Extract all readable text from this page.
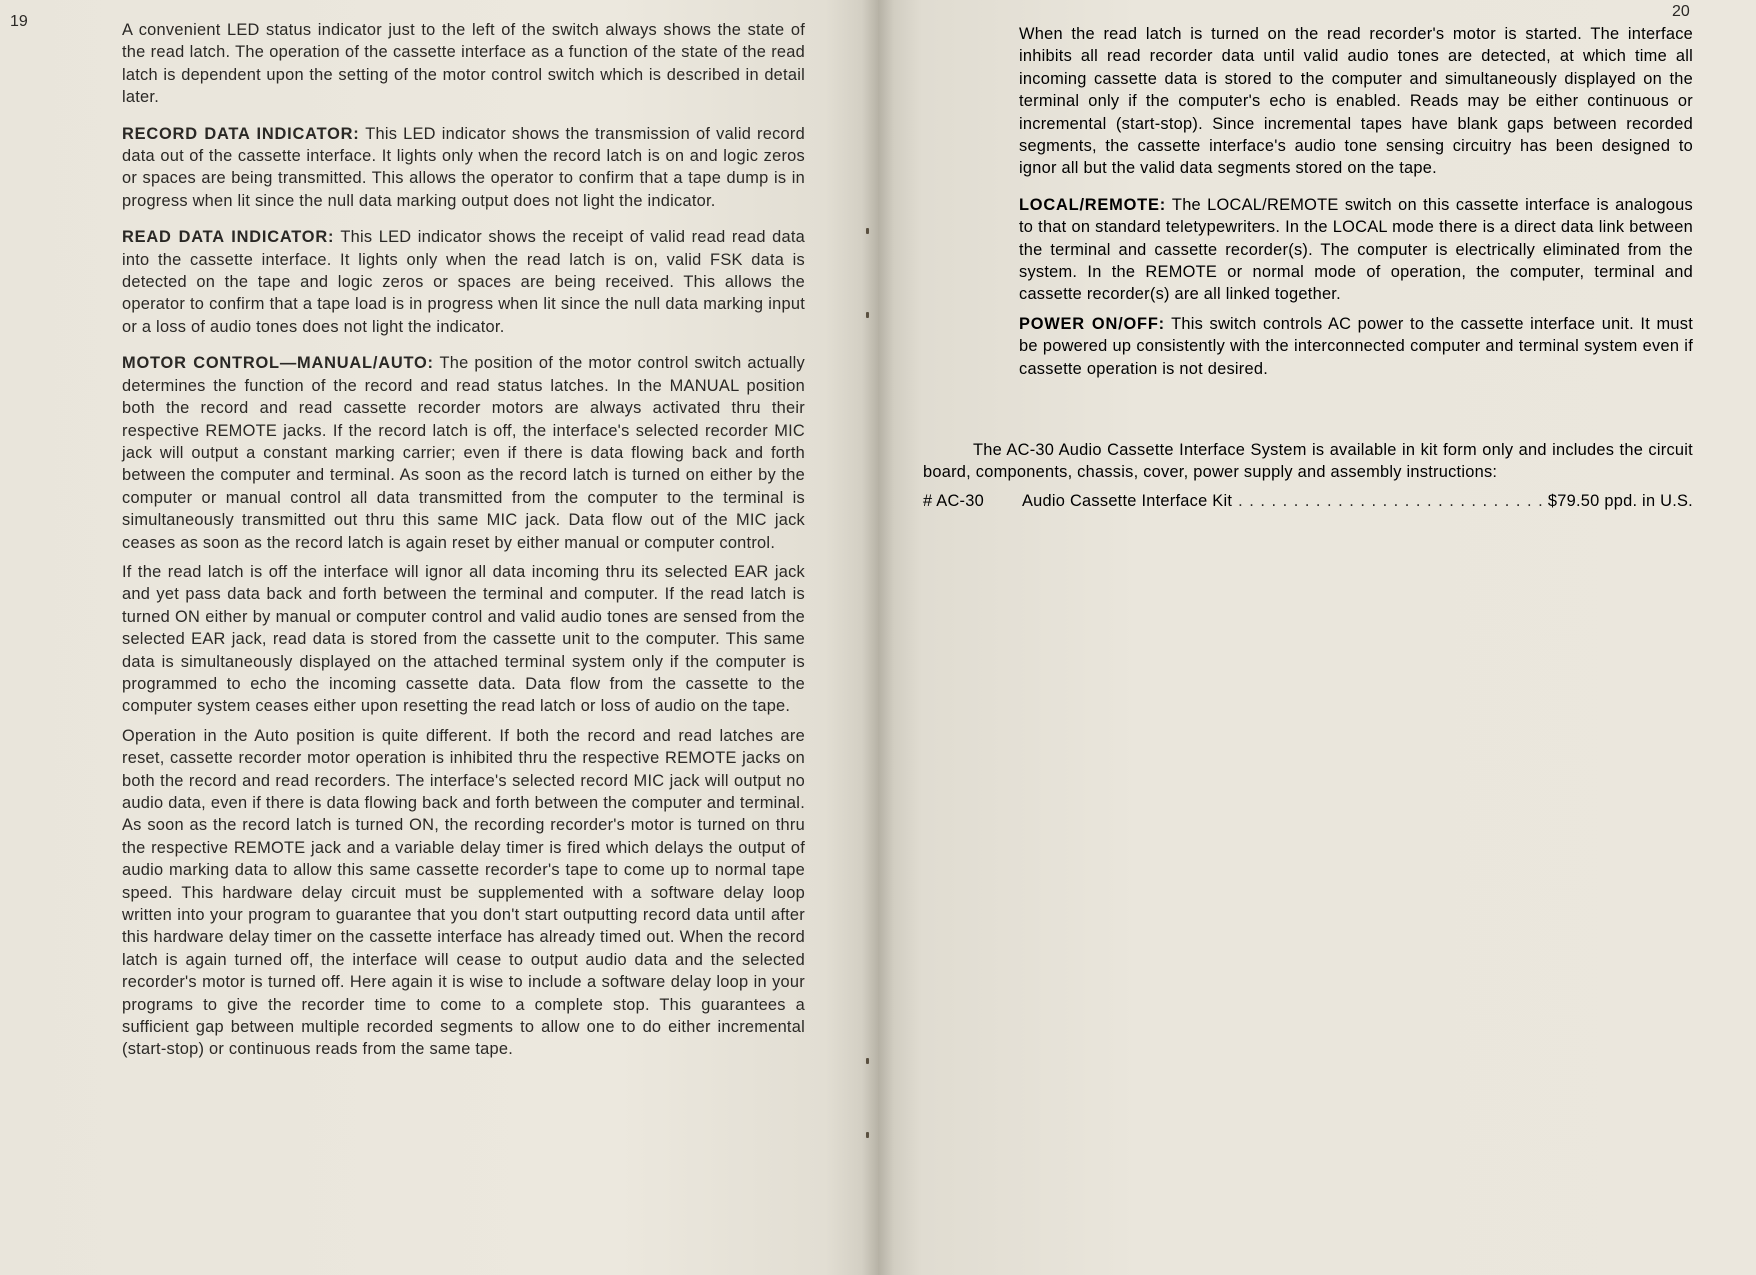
19	A convenient LED status indicator just to the left of the switch always shows the state of the read latch. The operation of the cassette interface as a function of the state of the read latch is dependent upon the setting of the motor control switch which is described in detail later.

RECORD DATA INDICATOR: This LED indicator shows the transmission of valid record data out of the cassette interface. It lights only when the record latch is on and logic zeros or spaces are being transmitted. This allows the operator to confirm that a tape dump is in progress when lit since the null data marking output does not light the indicator.

READ DATA INDICATOR: This LED indicator shows the receipt of valid read read data into the cassette interface. It lights only when the read latch is on, valid FSK data is detected on the tape and logic zeros or spaces are being received. This allows the operator to confirm that a tape load is in progress when lit since the null data marking input or a loss of audio tones does not light the indicator.

MOTOR CONTROL—MANUAL/AUTO: The position of the motor control switch actually determines the function of the record and read status latches. In the MANUAL position both the record and read cassette recorder motors are always activated thru their respective REMOTE jacks. If the record latch is off, the interface's selected recorder MIC jack will output a constant marking carrier; even if there is data flowing back and forth between the computer and terminal. As soon as the record latch is turned on either by the computer or manual control all data transmitted from the computer to the terminal is simultaneously transmitted out thru this same MIC jack. Data flow out of the MIC jack ceases as soon as the record latch is again reset by either manual or computer control.

If the read latch is off the interface will ignor all data incoming thru its selected EAR jack and yet pass data back and forth between the terminal and computer. If the read latch is turned ON either by manual or computer control and valid audio tones are sensed from the selected EAR jack, read data is stored from the cassette unit to the computer. This same data is simultaneously displayed on the attached terminal system only if the computer is programmed to echo the incoming cassette data. Data flow from the cassette to the computer system ceases either upon resetting the read latch or loss of audio on the tape.

Operation in the Auto position is quite different. If both the record and read latches are reset, cassette recorder motor operation is inhibited thru the respective REMOTE jacks on both the record and read recorders. The interface's selected record MIC jack will output no audio data, even if there is data flowing back and forth between the computer and terminal. As soon as the record latch is turned ON, the recording recorder's motor is turned on thru the respective REMOTE jack and a variable delay timer is fired which delays the output of audio marking data to allow this same cassette recorder's tape to come up to normal tape speed. This hardware delay circuit must be supplemented with a software delay loop written into your program to guarantee that you don't start outputting record data until after this hardware delay timer on the cassette interface has already timed out. When the record latch is again turned off, the interface will cease to output audio data and the selected recorder's motor is turned off. Here again it is wise to include a software delay loop in your programs to give the recorder time to come to a complete stop. This guarantees a sufficient gap between multiple recorded segments to allow one to do either incremental (start-stop) or continuous reads from the same tape.

20

When the read latch is turned on the read recorder's motor is started. The interface inhibits all read recorder data until valid audio tones are detected, at which time all incoming cassette data is stored to the computer and simultaneously displayed on the terminal only if the computer's echo is enabled. Reads may be either continuous or incremental (start-stop). Since incremental tapes have blank gaps between recorded segments, the cassette interface's audio tone sensing circuitry has been designed to ignor all but the valid data segments stored on the tape.

LOCAL/REMOTE: The LOCAL/REMOTE switch on this cassette interface is analogous to that on standard teletypewriters. In the LOCAL mode there is a direct data link between the terminal and cassette recorder(s). The computer is electrically eliminated from the system. In the REMOTE or normal mode of operation, the computer, terminal and cassette recorder(s) are all linked together.

POWER ON/OFF: This switch controls AC power to the cassette interface unit. It must be powered up consistently with the interconnected computer and terminal system even if cassette operation is not desired.

The AC-30 Audio Cassette Interface System is available in kit form only and includes the circuit board, components, chassis, cover, power supply and assembly instructions:

# AC-30	Audio Cassette Interface Kit
. . .	$79.50 ppd. in U.S.
